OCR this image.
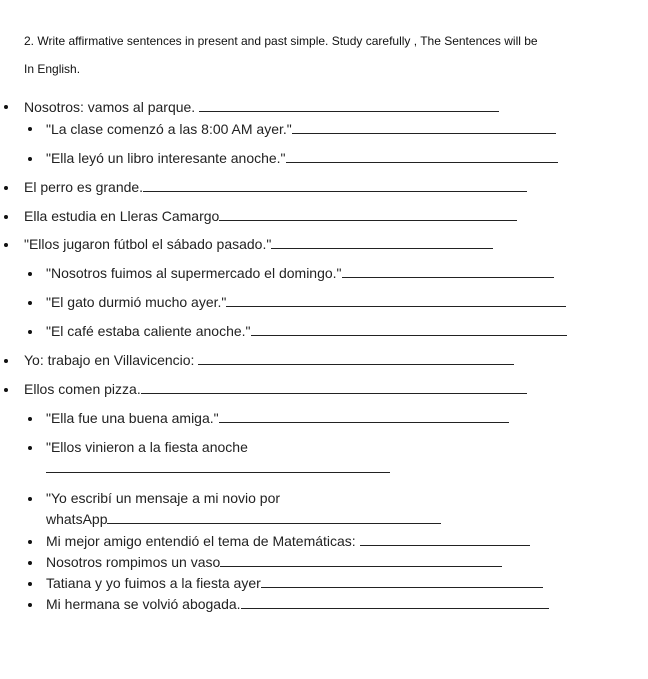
2. Write affirmative sentences in present and past simple. Study carefully , The Sentences will be
In English.
Nosotros: vamos al parque.
"La clase comenzó a las 8:00 AM ayer."
"Ella leyó un libro interesante anoche."
El perro es grande.
Ella estudia en Lleras Camargo
"Ellos jugaron fútbol el sábado pasado."
"Nosotros fuimos al supermercado el domingo."
"El gato durmió mucho ayer."
"El café estaba caliente anoche."
Yo: trabajo en Villavicencio:
Ellos comen pizza.
"Ella fue una buena amiga."
"Ellos vinieron a la fiesta anoche
"Yo escribí un mensaje a mi novio por
whatsApp
Mi mejor amigo entendió el tema de Matemáticas:
Nosotros rompimos un vaso
Tatiana y yo fuimos a la fiesta ayer
Mi hermana se volvió abogada.
